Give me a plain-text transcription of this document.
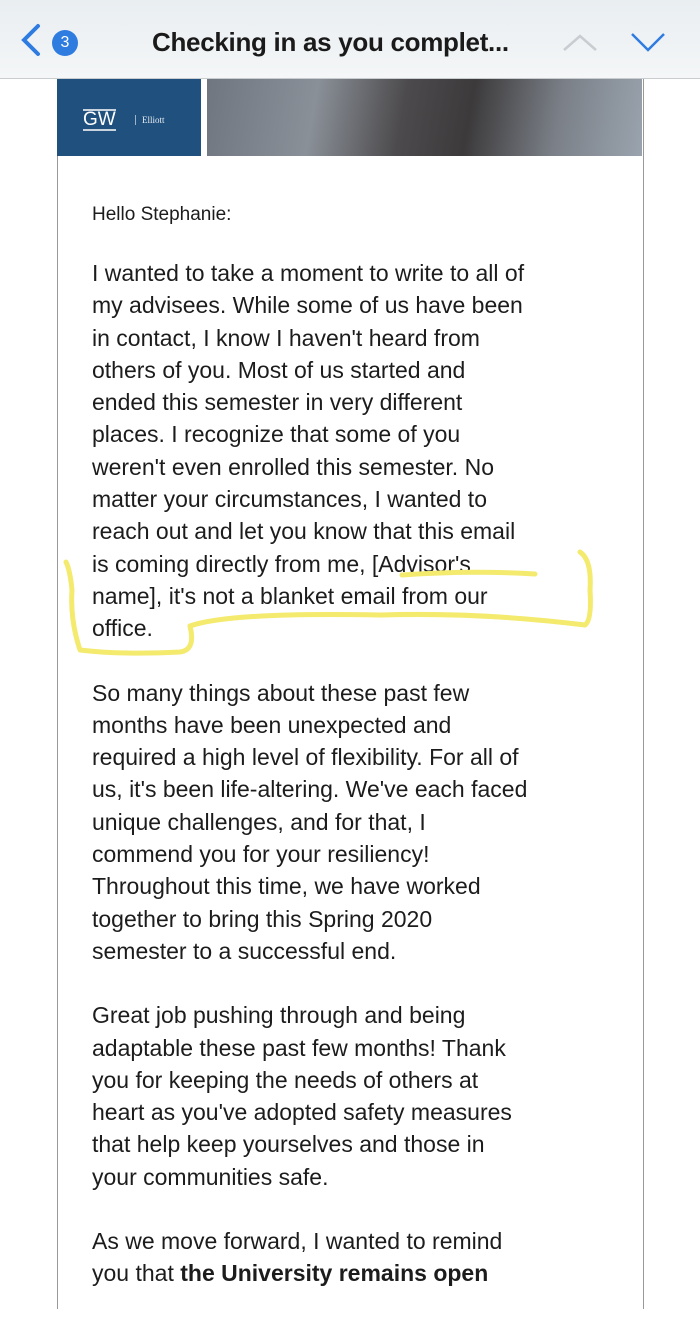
3	Checking in as you complet...
GW	Elliott
Hello Stephanie:
I wanted to take a moment to write to all of
my advisees. While some of us have been
in contact, I know I haven't heard from
others of you. Most of us started and
ended this semester in very different
places. I recognize that some of you
weren't even enrolled this semester. No
matter your circumstances, I wanted to
reach out and let you know that this email
is coming directly from me, [Advisor's
name], it's not a blanket email from our
office.
So many things about these past few
months have been unexpected and
required a high level of flexibility. For all of
us, it's been life-altering. We've each faced
unique challenges, and for that, I
commend you for your resiliency!
Throughout this time, we have worked
together to bring this Spring 2020
semester to a successful end.
Great job pushing through and being
adaptable these past few months! Thank
you for keeping the needs of others at
heart as you've adopted safety measures
that help keep yourselves and those in
your communities safe.
As we move forward, I wanted to remind
you that the University remains open
